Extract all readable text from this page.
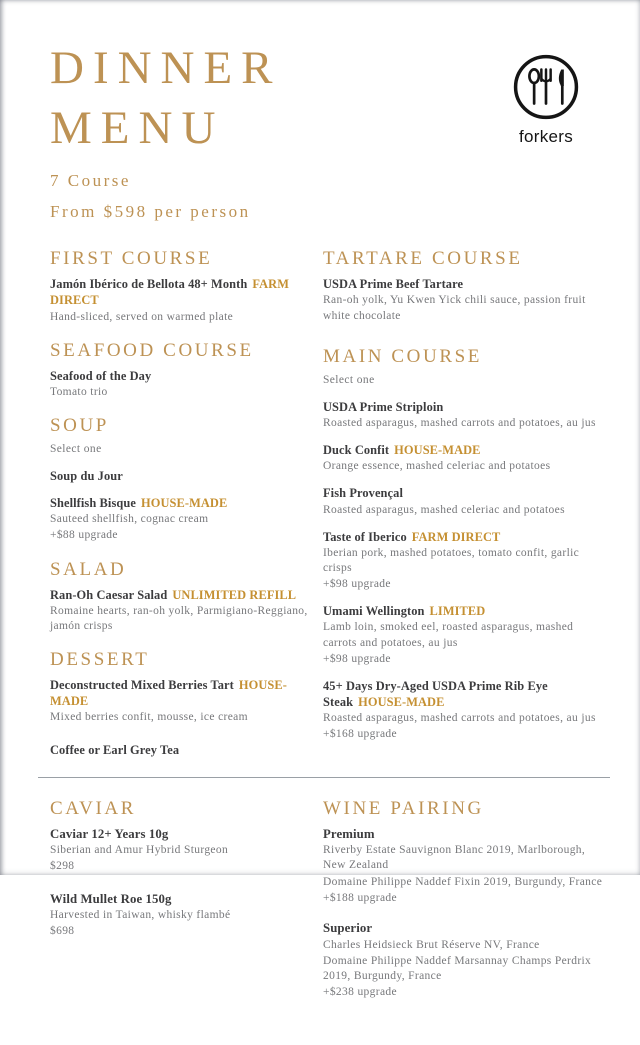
DINNER
MENU
7 Course
From $598 per person
forkers
FIRST COURSE
Jamón Ibérico de Bellota 48+ Month FARM DIRECT
Hand-sliced, served on warmed plate
SEAFOOD COURSE
Seafood of the Day
Tomato trio
SOUP
Select one
Soup du Jour
Shellfish Bisque HOUSE-MADE
Sauteed shellfish, cognac cream
+$88 upgrade
SALAD
Ran-Oh Caesar Salad UNLIMITED REFILL
Romaine hearts, ran-oh yolk, Parmigiano-Reggiano, jamón crisps
DESSERT
Deconstructed Mixed Berries Tart HOUSE-MADE
Mixed berries confit, mousse, ice cream
Coffee or Earl Grey Tea
TARTARE COURSE
USDA Prime Beef Tartare
Ran-oh yolk, Yu Kwen Yick chili sauce, passion fruit white chocolate
MAIN COURSE
Select one
USDA Prime Striploin
Roasted asparagus, mashed carrots and potatoes, au jus
Duck Confit HOUSE-MADE
Orange essence, mashed celeriac and potatoes
Fish Provençal
Roasted asparagus, mashed celeriac and potatoes
Taste of Iberico FARM DIRECT
Iberian pork, mashed potatoes, tomato confit, garlic crisps
+$98 upgrade
Umami Wellington LIMITED
Lamb loin, smoked eel, roasted asparagus, mashed carrots and potatoes, au jus
+$98 upgrade
45+ Days Dry-Aged USDA Prime Rib Eye Steak HOUSE-MADE
Roasted asparagus, mashed carrots and potatoes, au jus
+$168 upgrade
CAVIAR
Caviar 12+ Years 10g
Siberian and Amur Hybrid Sturgeon
$298
Wild Mullet Roe 150g
Harvested in Taiwan, whisky flambé
$698
WINE PAIRING
Premium
Riverby Estate Sauvignon Blanc 2019, Marlborough, New Zealand
Domaine Philippe Naddef Fixin 2019, Burgundy, France
+$188 upgrade
Superior
Charles Heidsieck Brut Réserve NV, France
Domaine Philippe Naddef Marsannay Champs Perdrix 2019, Burgundy, France
+$238 upgrade
